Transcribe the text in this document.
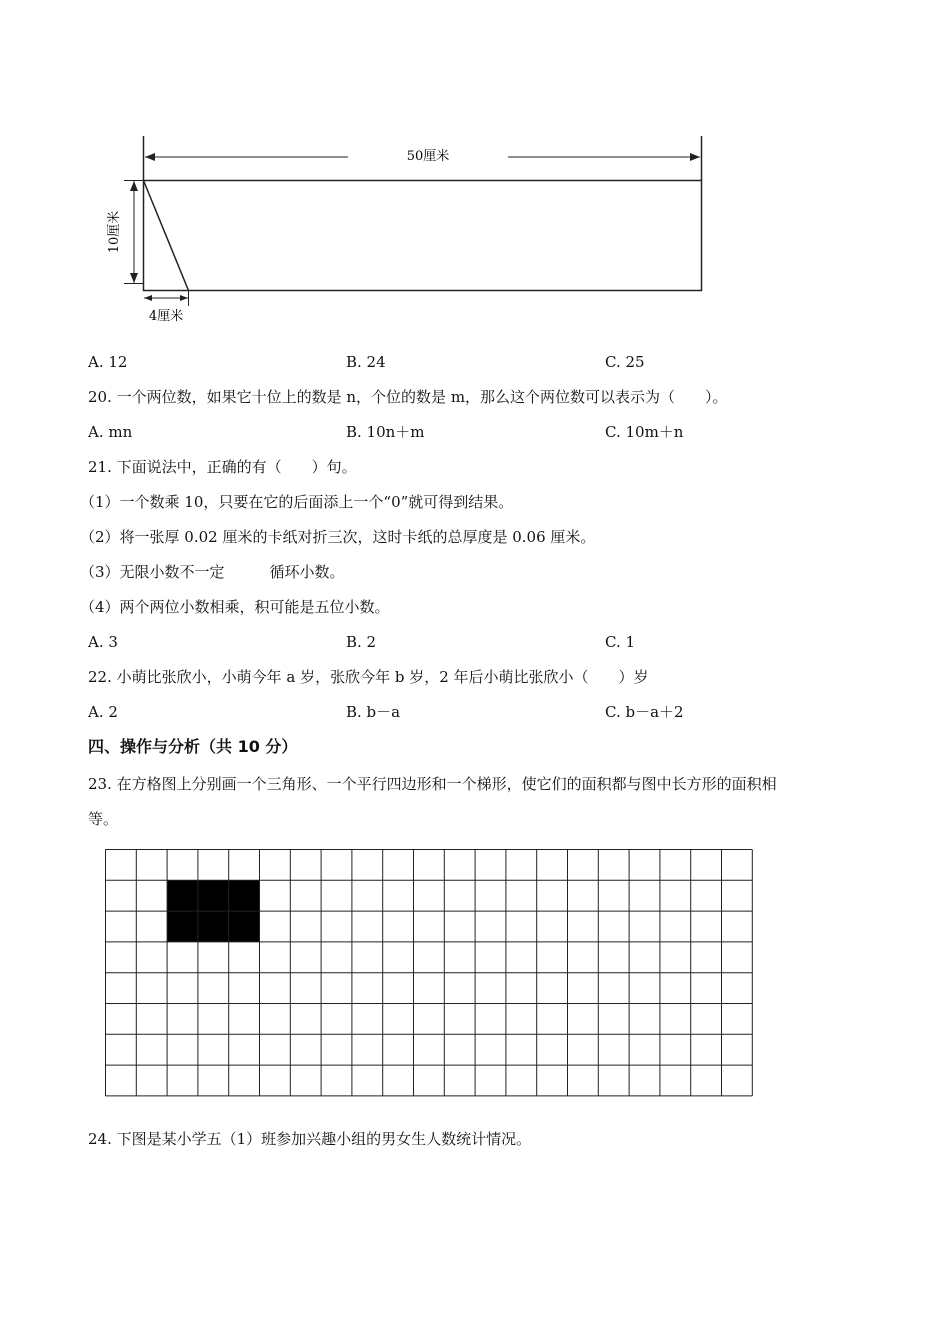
50厘米
10厘米
4厘米
A. 12	B. 24	C. 25
20. 一个两位数，如果它十位上的数是 n，个位的数是 m，那么这个两位数可以表示为（　　）。
A. mn	B. 10n＋m	C. 10m＋n
21. 下面说法中，正确的有（　　）句。
（1）一个数乘 10，只要在它的后面添上一个“0”就可得到结果。
（2）将一张厚 0.02 厘米的卡纸对折三次，这时卡纸的总厚度是 0.06 厘米。
（3）无限小数不一定　　　循环小数。
（4）两个两位小数相乘，积可能是五位小数。
A. 3	B. 2	C. 1
22. 小萌比张欣小，小萌今年 a 岁，张欣今年 b 岁，2 年后小萌比张欣小（　　）岁
A. 2	B. b－a	C. b－a＋2
四、操作与分析（共 10 分）
23. 在方格图上分别画一个三角形、一个平行四边形和一个梯形，使它们的面积都与图中长方形的面积相
等。
24. 下图是某小学五（1）班参加兴趣小组的男女生人数统计情况。
